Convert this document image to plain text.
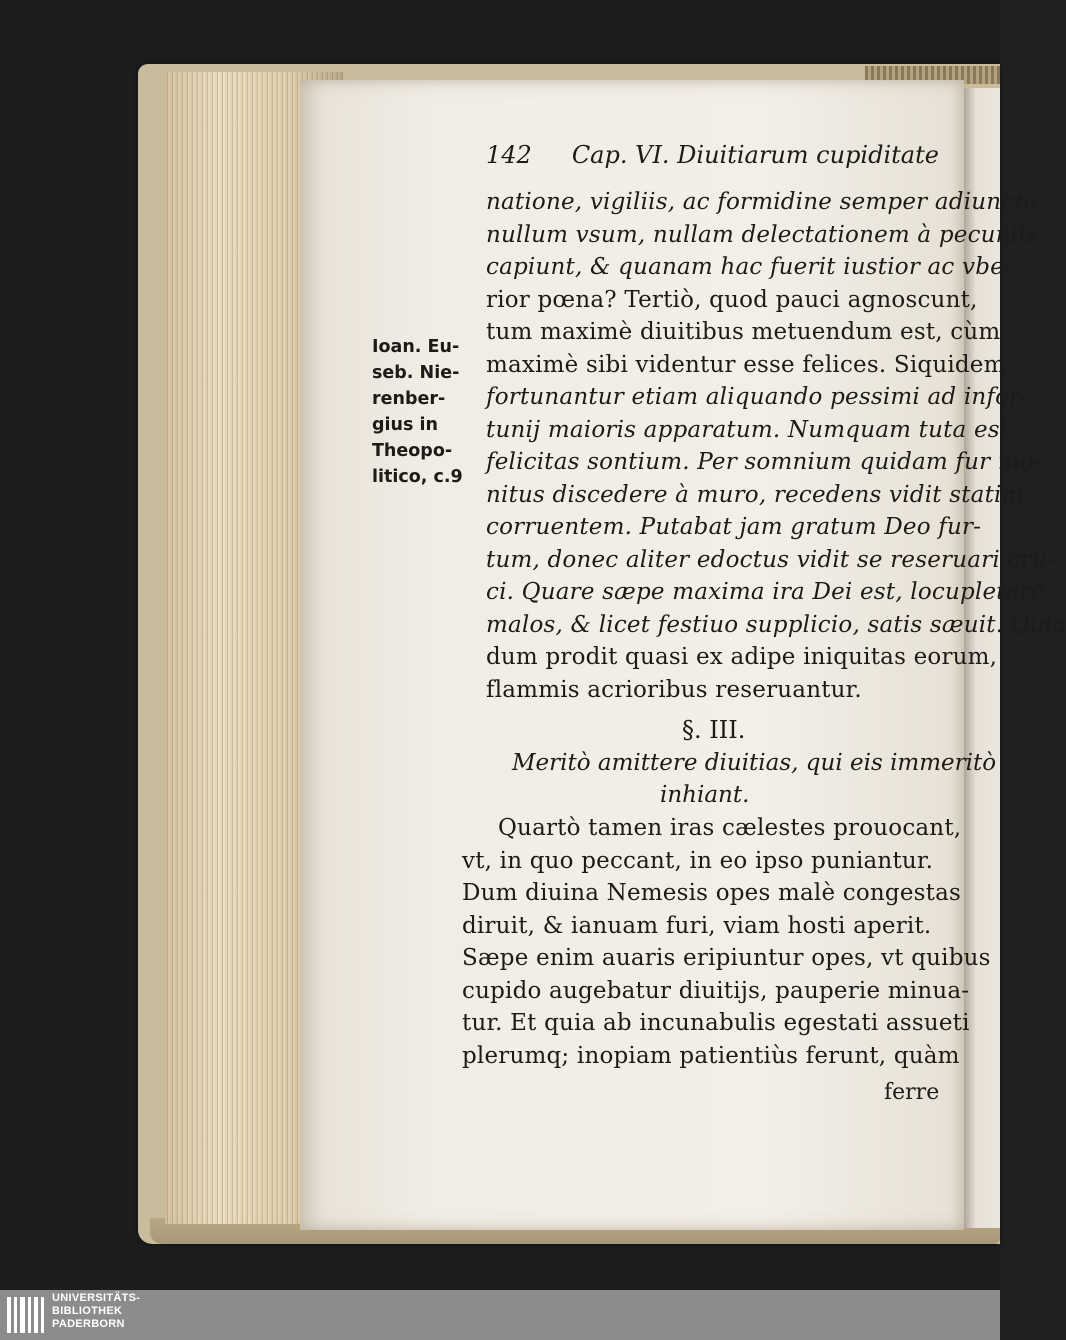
142 Cap. VI. Diuitiarum cupiditate

natione, vigiliis, ac formidine semper adiuncta,

nullum vsum, nullam delectationem à pecuniis

capiunt, & quanam hac fuerit iustior ac vbe-

rior pœna? Tertiò, quod pauci agnoscunt,

tum maximè diuitibus metuendum est, cùm

maximè sibi videntur esse felices. Siquidem

fortunantur etiam aliquando pessimi ad infor-

tunij maioris apparatum. Numquam tuta est

felicitas sontium. Per somnium quidam fur mo-

nitus discedere à muro, recedens vidit statim

corruentem. Putabat jam gratum Deo fur-

tum, donec aliter edoctus vidit se reseruari cru-

ci. Quare sæpe maxima ira Dei est, locupletare

malos, & licet festiuo supplicio, satis sæuit. Quia

dum prodit quasi ex adipe iniquitas eorum,

flammis acrioribus reseruantur.

Ioan. Eu-

seb. Nie-

renber-

gius in

Theopo-

litico, c.9

§. III.
Meritò amittere diuitias, qui eis immeritò
inhiant.

Quartò tamen iras cælestes prouocant,

vt, in quo peccant, in eo ipso puniantur.

Dum diuina Nemesis opes malè congestas

diruit, & ianuam furi, viam hosti aperit.

Sæpe enim auaris eripiuntur opes, vt quibus

cupido augebatur diuitijs, pauperie minua-

tur. Et quia ab incunabulis egestati assueti

plerumq; inopiam patientiùs ferunt, quàm

ferre

UNIVERSITÄTS-

BIBLIOTHEK

PADERBORN
